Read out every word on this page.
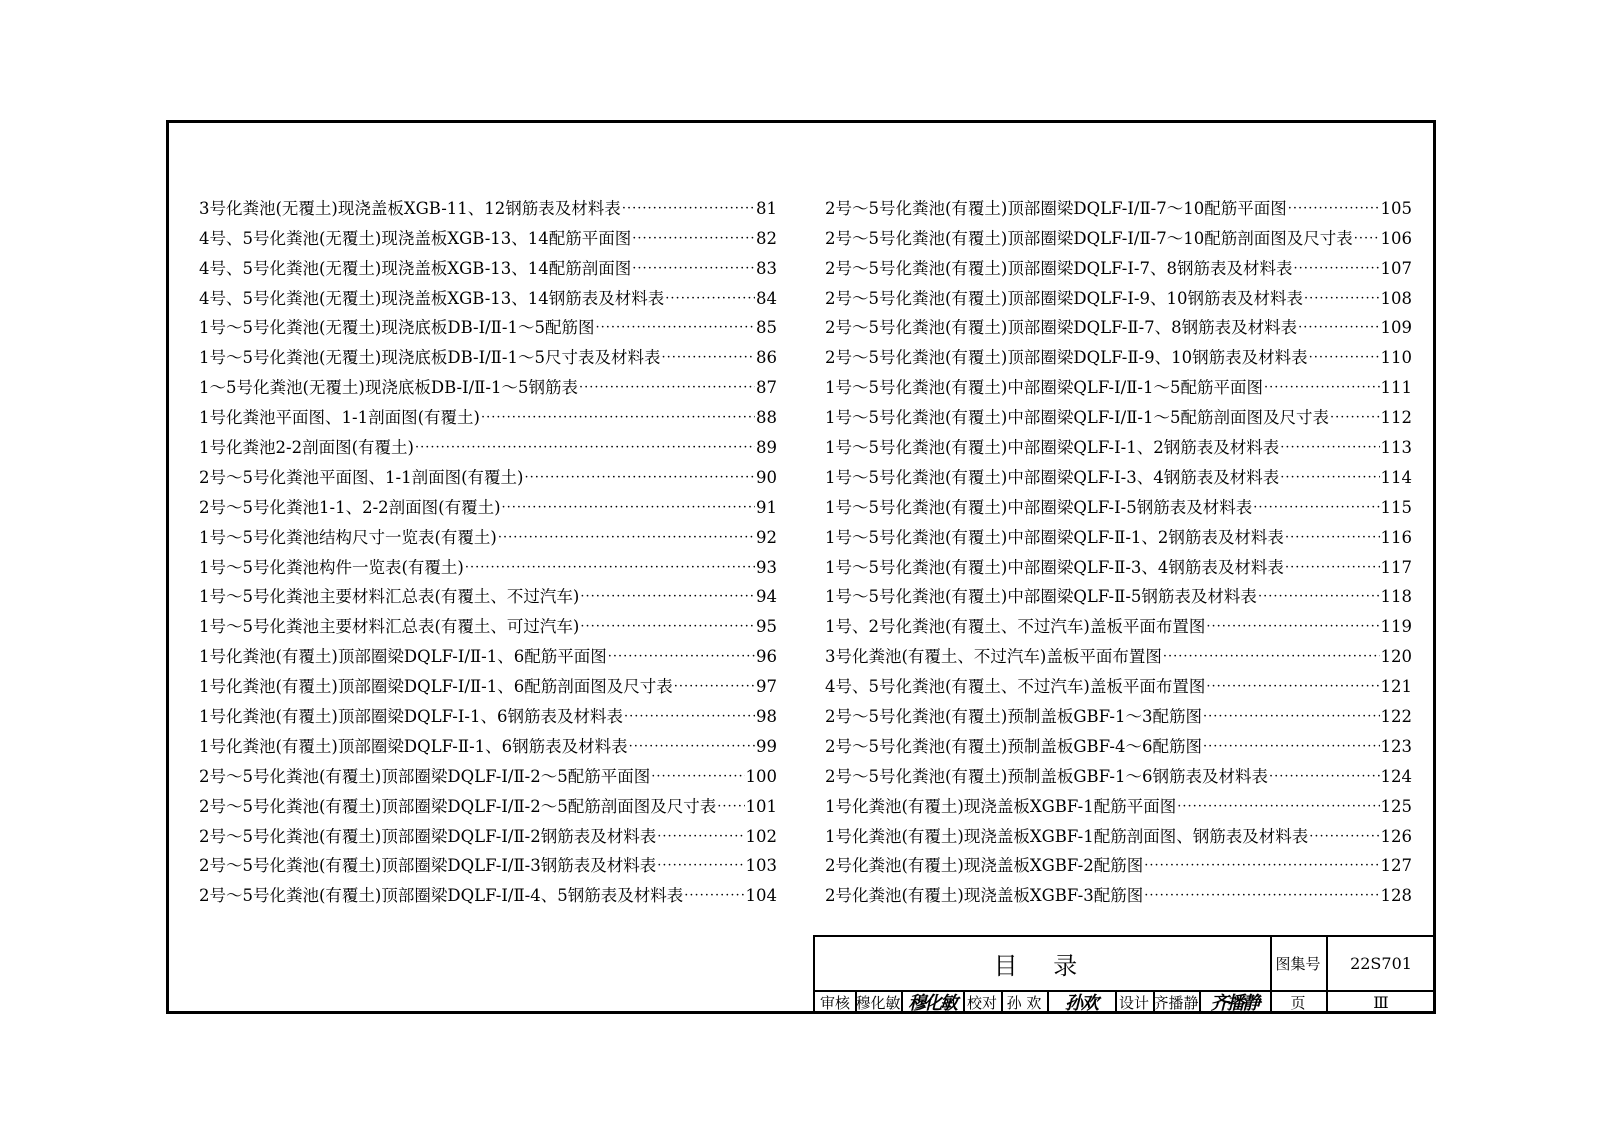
3号化粪池(无覆土)现浇盖板XGB-11、12钢筋表及材料表 ·····	81
4号、5号化粪池(无覆土)现浇盖板XGB-13、14配筋平面图 ·····	82
4号、5号化粪池(无覆土)现浇盖板XGB-13、14配筋剖面图 ·····	83
4号、5号化粪池(无覆土)现浇盖板XGB-13、14钢筋表及材料表 ·····	84
1号～5号化粪池(无覆土)现浇底板DB-Ⅰ/Ⅱ-1～5配筋图 ·····	85
1号～5号化粪池(无覆土)现浇底板DB-Ⅰ/Ⅱ-1～5尺寸表及材料表 ·····	86
1～5号化粪池(无覆土)现浇底板DB-Ⅰ/Ⅱ-1～5钢筋表 ·····	87
1号化粪池平面图、1-1剖面图(有覆土) ·····	88
1号化粪池2-2剖面图(有覆土) ·····	89
2号～5号化粪池平面图、1-1剖面图(有覆土) ·····	90
2号～5号化粪池1-1、2-2剖面图(有覆土) ·····	91
1号～5号化粪池结构尺寸一览表(有覆土) ·····	92
1号～5号化粪池构件一览表(有覆土) ·····	93
1号～5号化粪池主要材料汇总表(有覆土、不过汽车) ·····	94
1号～5号化粪池主要材料汇总表(有覆土、可过汽车) ·····	95
1号化粪池(有覆土)顶部圈梁DQLF-Ⅰ/Ⅱ-1、6配筋平面图 ·····	96
1号化粪池(有覆土)顶部圈梁DQLF-Ⅰ/Ⅱ-1、6配筋剖面图及尺寸表 ·····	97
1号化粪池(有覆土)顶部圈梁DQLF-Ⅰ-1、6钢筋表及材料表 ·····	98
1号化粪池(有覆土)顶部圈梁DQLF-Ⅱ-1、6钢筋表及材料表 ·····	99
2号～5号化粪池(有覆土)顶部圈梁DQLF-Ⅰ/Ⅱ-2～5配筋平面图 ·····	100
2号～5号化粪池(有覆土)顶部圈梁DQLF-Ⅰ/Ⅱ-2～5配筋剖面图及尺寸表 ····· 101
2号～5号化粪池(有覆土)顶部圈梁DQLF-Ⅰ/Ⅱ-2钢筋表及材料表 ·····	102
2号～5号化粪池(有覆土)顶部圈梁DQLF-Ⅰ/Ⅱ-3钢筋表及材料表 ·····	103
2号～5号化粪池(有覆土)顶部圈梁DQLF-Ⅰ/Ⅱ-4、5钢筋表及材料表 ·····	104
2号～5号化粪池(有覆土)顶部圈梁DQLF-Ⅰ/Ⅱ-7～10配筋平面图 ·····	105
2号～5号化粪池(有覆土)顶部圈梁DQLF-Ⅰ/Ⅱ-7～10配筋剖面图及尺寸表 ····· 106
2号～5号化粪池(有覆土)顶部圈梁DQLF-Ⅰ-7、8钢筋表及材料表 ·····	107
2号～5号化粪池(有覆土)顶部圈梁DQLF-Ⅰ-9、10钢筋表及材料表 ·····	108
2号～5号化粪池(有覆土)顶部圈梁DQLF-Ⅱ-7、8钢筋表及材料表 ·····	109
2号～5号化粪池(有覆土)顶部圈梁DQLF-Ⅱ-9、10钢筋表及材料表 ·····	110
1号～5号化粪池(有覆土)中部圈梁QLF-Ⅰ/Ⅱ-1～5配筋平面图 ·····	111
1号～5号化粪池(有覆土)中部圈梁QLF-Ⅰ/Ⅱ-1～5配筋剖面图及尺寸表 ·····	112
1号～5号化粪池(有覆土)中部圈梁QLF-Ⅰ-1、2钢筋表及材料表 ·····	113
1号～5号化粪池(有覆土)中部圈梁QLF-Ⅰ-3、4钢筋表及材料表 ·····	114
1号～5号化粪池(有覆土)中部圈梁QLF-Ⅰ-5钢筋表及材料表 ·····	115
1号～5号化粪池(有覆土)中部圈梁QLF-Ⅱ-1、2钢筋表及材料表 ·····	116
1号～5号化粪池(有覆土)中部圈梁QLF-Ⅱ-3、4钢筋表及材料表 ·····	117
1号～5号化粪池(有覆土)中部圈梁QLF-Ⅱ-5钢筋表及材料表 ·····	118
1号、2号化粪池(有覆土、不过汽车)盖板平面布置图 ·····	119
3号化粪池(有覆土、不过汽车)盖板平面布置图 ·····	120
4号、5号化粪池(有覆土、不过汽车)盖板平面布置图 ·····	121
2号～5号化粪池(有覆土)预制盖板GBF-1～3配筋图 ·····	122
2号～5号化粪池(有覆土)预制盖板GBF-4～6配筋图 ·····	123
2号～5号化粪池(有覆土)预制盖板GBF-1～6钢筋表及材料表 ·····	124
1号化粪池(有覆土)现浇盖板XGBF-1配筋平面图 ·····	125
1号化粪池(有覆土)现浇盖板XGBF-1配筋剖面图、钢筋表及材料表 ·····	126
2号化粪池(有覆土)现浇盖板XGBF-2配筋图 ·····	127
2号化粪池(有覆土)现浇盖板XGBF-3配筋图 ·····	128
目 录	图集号	22S701
审核 穆化敏 穆化敏 校对 孙 欢	孙欢	设计 齐播静 齐播静	页	Ⅲ
